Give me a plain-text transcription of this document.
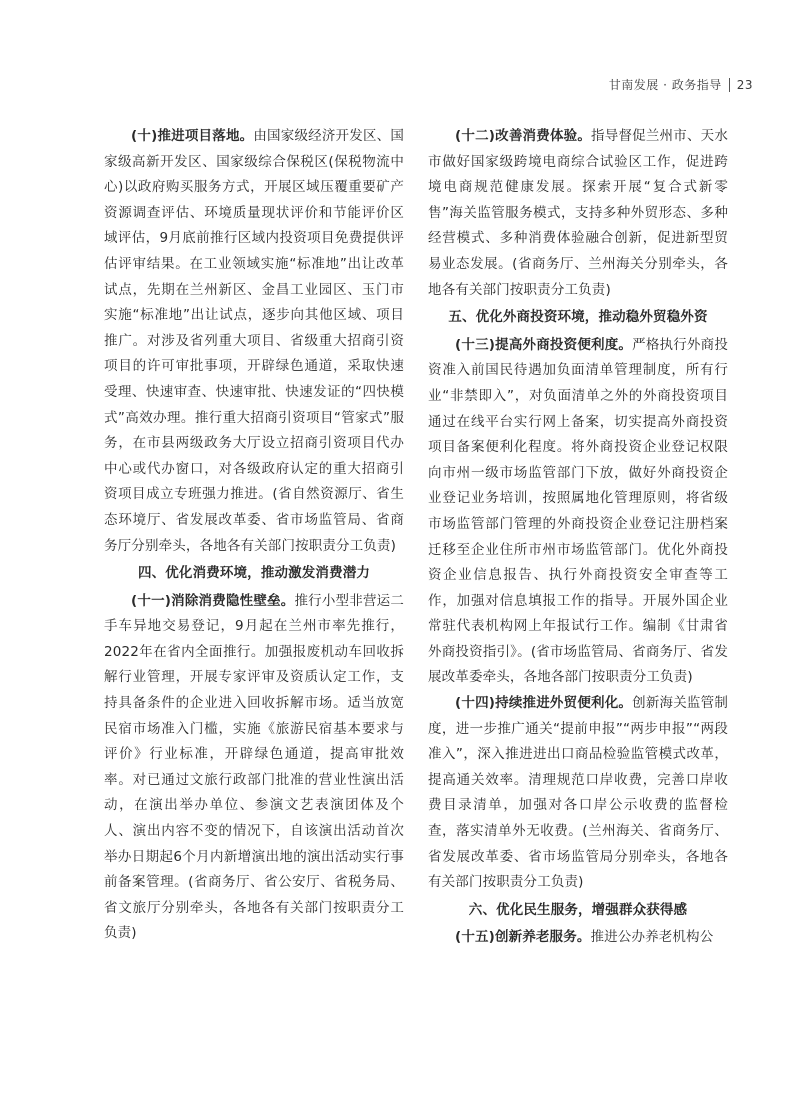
甘南发展 · 政务指导 23

(十)推进项目落地。由国家级经济开发区、国家级高新开发区、国家级综合保税区(保税物流中心)以政府购买服务方式，开展区域压覆重要矿产资源调查评估、环境质量现状评价和节能评价区域评估，9月底前推行区域内投资项目免费提供评估评审结果。在工业领域实施“标准地”出让改革试点，先期在兰州新区、金昌工业园区、玉门市实施“标准地”出让试点，逐步向其他区域、项目推广。对涉及省列重大项目、省级重大招商引资项目的许可审批事项，开辟绿色通道，采取快速受理、快速审查、快速审批、快速发证的“四快模式”高效办理。推行重大招商引资项目“管家式”服务，在市县两级政务大厅设立招商引资项目代办中心或代办窗口，对各级政府认定的重大招商引资项目成立专班强力推进。(省自然资源厅、省生态环境厅、省发展改革委、省市场监管局、省商务厅分别牵头，各地各有关部门按职责分工负责)

四、优化消费环境，推动激发消费潜力

(十一)消除消费隐性壁垒。推行小型非营运二手车异地交易登记，9月起在兰州市率先推行，2022年在省内全面推行。加强报废机动车回收拆解行业管理，开展专家评审及资质认定工作，支持具备条件的企业进入回收拆解市场。适当放宽民宿市场准入门槛，实施《旅游民宿基本要求与评价》行业标准，开辟绿色通道，提高审批效率。对已通过文旅行政部门批准的营业性演出活动，在演出举办单位、参演文艺表演团体及个人、演出内容不变的情况下，自该演出活动首次举办日期起6个月内新增演出地的演出活动实行事前备案管理。(省商务厅、省公安厅、省税务局、省文旅厅分别牵头，各地各有关部门按职责分工负责)

(十二)改善消费体验。指导督促兰州市、天水市做好国家级跨境电商综合试验区工作，促进跨境电商规范健康发展。探索开展“复合式新零售”海关监管服务模式，支持多种外贸形态、多种经营模式、多种消费体验融合创新，促进新型贸易业态发展。(省商务厅、兰州海关分别牵头，各地各有关部门按职责分工负责)

五、优化外商投资环境，推动稳外贸稳外资

(十三)提高外商投资便利度。严格执行外商投资准入前国民待遇加负面清单管理制度，所有行业“非禁即入”，对负面清单之外的外商投资项目通过在线平台实行网上备案，切实提高外商投资项目备案便利化程度。将外商投资企业登记权限向市州一级市场监管部门下放，做好外商投资企业登记业务培训，按照属地化管理原则，将省级市场监管部门管理的外商投资企业登记注册档案迁移至企业住所市州市场监管部门。优化外商投资企业信息报告、执行外商投资安全审查等工作，加强对信息填报工作的指导。开展外国企业常驻代表机构网上年报试行工作。编制《甘肃省外商投资指引》。(省市场监管局、省商务厅、省发展改革委牵头，各地各部门按职责分工负责)

(十四)持续推进外贸便利化。创新海关监管制度，进一步推广通关“提前申报”“两步申报”“两段准入”，深入推进进出口商品检验监管模式改革，提高通关效率。清理规范口岸收费，完善口岸收费目录清单，加强对各口岸公示收费的监督检查，落实清单外无收费。(兰州海关、省商务厅、省发展改革委、省市场监管局分别牵头，各地各有关部门按职责分工负责)

六、优化民生服务，增强群众获得感

(十五)创新养老服务。推进公办养老机构公
